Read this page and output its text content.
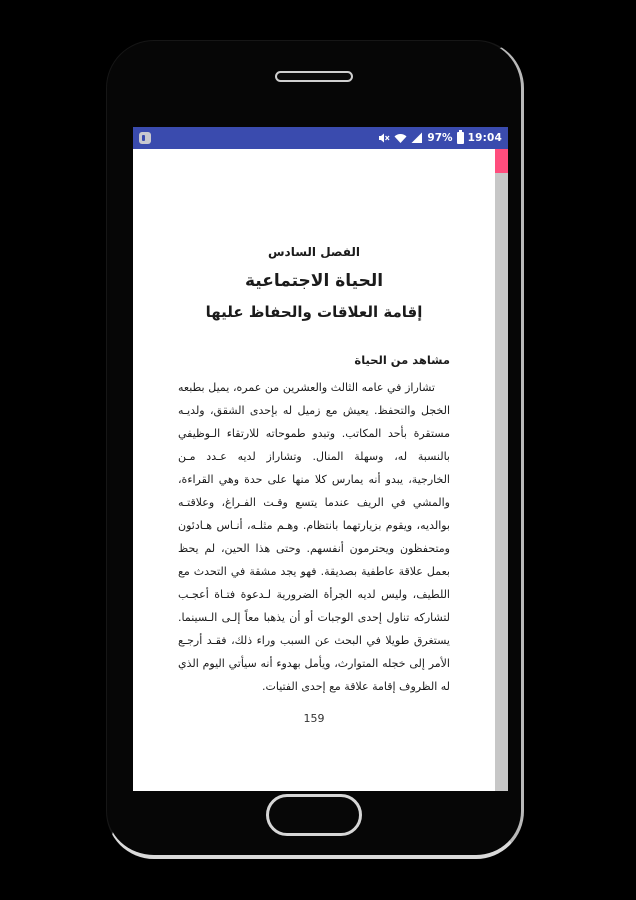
97% 19:04
الفصل السادس
الحياة الاجتماعية
إقامة العلاقات والحفاظ عليها
مشاهد من الحياة
تشاراز في عامه الثالث والعشرين من عمره، يميل بطبعه
الخجل والتحفظ. يعيش مع زميل له بإحدى الشقق، ولديـه
مستقرة بأحد المكاتب. وتبدو طموحاته للارتقاء الـوظيفي
بالنسبة له، وسهلة المنال. وتشاراز لديه عـدد مـن
الخارجية، يبدو أنه يمارس كلا منها على حدة وهي القراءة،
والمشي في الريف عندما يتسع وقـت الفـراغ، وعلاقتـه
بوالديه، ويقوم بزيارتهما بانتظام. وهـم مثلـه، أنـاس هـادئون
ومتحفظون ويحترمون أنفسهم. وحتى هذا الحين، لم يحظ
بعمل علاقة عاطفية بصديقة. فهو يجد مشقة في التحدث مع
اللطيف، وليس لديه الجرأة الضرورية لـدعوة فتـاة أعجـب
لتشاركه تناول إحدى الوجبات أو أن يذهبا معاً إلـى الـسينما.
يستغرق طويلا في البحث عن السبب وراء ذلك، فقـد أرجـع
الأمر إلى خجله المتوارث، ويأمل بهدوء أنه سيأتي اليوم الذي
له الظروف إقامة علاقة مع إحدى الفتيات.
159
